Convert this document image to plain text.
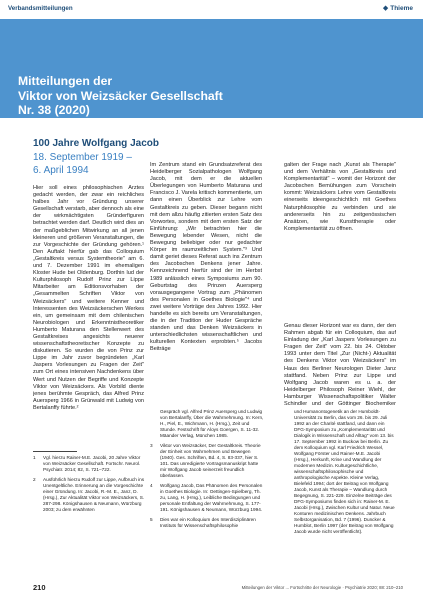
Verbandsmitteilungen	◆ Thieme
Mitteilungen der
Viktor von Weizsäcker Gesellschaft
Nr. 38 (2020)
100 Jahre Wolfgang Jacob
18. September 1919 –
6. April 1994

Hier soll eines philosophischen Arztes gedacht werden, der zwar ein reichliches halbes Jahr vor Gründung unserer Gesellschaft verstarb, aber dennoch als eine der wirkmächtigsten Gründerfiguren betrachtet werden darf. Deutlich wird dies an der maßgeblichen Mitwirkung an all jenen kleineren und größeren Veranstaltungen, die zur Vorgeschichte der Gründung gehören.¹ Den Auftakt hierfür gab das Colloquium „Gestaltkreis versus Systemtheorie" am 6. und 7. Dezember 1991 im ehemaligen Kloster Hude bei Oldenburg. Dorthin lud der Kulturphilosoph Rudolf Prinz zur Lippe Mitarbeiter am Editionsvorhaben der „Gesammelten Schriften Viktor von Weizsäckers" und weitere Kenner und Interessenten des Weizsäckerschen Werkes ein, um gemeinsam mit dem chilenischen Neurobiologen und Erkenntnistheoretiker Humberto Maturana den Stellenwert des Gestaltkreises angesichts neuerer wissenschaftstheoretischer Konzepte zu diskutieren. So wurden die von Prinz zur Lippe im Jahr zuvor begründeten „Karl Jaspers Vorlesungen zu Fragen der Zeit" zum Ort eines intensiven Nachdenkens über Wert und Nutzen der Begriffe und Konzepte Viktor von Weizsäckers. Als Vorbild diente jenes berühmte Gespräch, das Alfred Prinz Auersperg 1966 in Grünwald mit Ludwig von Bertalanffy führte.²

Im Zentrum stand ein Grundsatzreferat des Heidelberger Sozialpathologen Wolfgang Jacob, mit dem er die aktuellen Überlegungen von Humberto Maturana und Francisco J. Varela kritisch kommentierte, um dann einen Überblick zur Lehre vom Gestaltkreis zu geben. Dieser begann nicht mit dem allzu häufig zitierten ersten Satz des Vorwortes, sondern mit dem ersten Satz der Einführung: „Wir betrachten hier die Bewegung lebender Wesen, nicht die Bewegung beliebiger oder nur gedachter Körper im raumzeitlichen System."³ Und damit geriet dieses Referat auch ins Zentrum des Jacobschen Denkens jener Jahre. Kennzeichnend hierfür sind der im Herbst 1989 anlässlich eines Symposiums zum 90. Geburtstag des Prinzen Auersperg vorausgegangene Vortrag zum „Phänomen des Personalen in Goethes Biologie"⁴ und zwei weitere Vorträge des Jahres 1992. Hier handelte es sich bereits um Veranstaltungen, die in der Tradition der Huder Gespräche standen und das Denken Weizsäckers in unterschiedlichsten wissenschaftlichen und kulturellen Kontexten erprobten.⁵ Jacobs Beiträge

galten der Frage nach „Kunst als Therapie" und dem Verhältnis von „Gestaltkreis und Komplementarität" – womit der Horizont der Jacobschen Bemühungen zum Vorschein kommt: Weizsäckers Lehre vom Gestaltkreis einerseits ideengeschichtlich mit Goethes Naturphilosophie zu verbinden und sie andererseits hin zu zeitgenössischen Ansätzen, wie Kunsttherapie oder Komplementarität zu öffnen.

Genau dieser Horizont war es dann, der den Rahmen abgab für ein Colloquium, das auf Einladung der „Karl Jaspers Vorlesungen zu Fragen der Zeit" vom 22. bis 24. Oktober 1993 unter dem Titel „Zur (Nicht-) Aktualität des Denkens Viktor von Weizsäckers" im Haus des Berliner Neurologen Dieter Janz stattfand. Neben Prinz zur Lippe und Wolfgang Jacob waren es u. a. der Heidelberger Philosoph Reiner Wiehl, der Hamburger Wissenschaftspolitiker Walter Schindler und der Göttinger Biochemiker

1	Vgl. hierzu Rainer-M.E. Jacobi, 20 Jahre Viktor von Weizsäcker Gesellschaft. Fortschr. Neurol. Psychiatr. 2014; 82, S. 721–722.
2	Ausführlich hierzu Rudolf zur Lippe, Aufbruch ins Unentgeltliche. Erinnerung an die Vorgeschichte einer Gründung. In: Jacobi, R.-M. E., Janz, D. (Hrsg.), Zur Aktualität Viktor von Weizsäckers, S. 287-298. Königshausen & Neumann, Würzburg 2003; zu dem erwähnten
Gespräch vgl. Alfred Prinz Auersperg und Ludwig von Bertalanffy, Über die Wahrnehmung. In: Kern, H., Piel, E., Wichmann, H. (Hrsg.), Zeit und Stunde. Festschrift für Aloys Goergen, S. 11-32. Mäander Verlag, München 1985.
3	Viktor von Weizsäcker, Der Gestaltkreis. Theorie der Einheit von Wahrnehmen und Bewegen (1940). Ges. Schriften, Bd. 4, S. 83-337, hier S. 101. Das unredigierte Vortragsmanuskript hatte mir Wolfgang Jacob seinerzeit freundlich überlassen.
4	Wolfgang Jacob, Das Phänomen des Personalen in Goethes Biologie. In: Oettingen-Spielberg, Th. zu, Lang, H. (Hrsg.), Leibliche Bedingungen und personale Entfaltung der Wahrnehmung, S. 177-191. Königshausen & Neumann, Würzburg 1994.
5	Dies war ein Kolloquium des Interdisziplinären Instituts für Wissenschaftsphilosophie
und Humanontogenetik an der Humboldt-Universität zu Berlin, das vom 26. bis 29. Juli 1992 an der Charité stattfand, und dann ein DFG-Symposium zu „Komplementarität und Dialogik in Wissenschaft und Alltag" vom 13. bis 17. September 1992 in Buckow bei Berlin. Zu dem Kolloquium vgl. Karl Friedrich Wessel, Wolfgang Förster und Rainer-M.E. Jacobi (Hrsg.), Herkunft, Krise und Wandlung der modernen Medizin. Kulturgeschichtliche, wissenschaftsphilosophische und anthropologische Aspekte. Kleine Verlag, Bielefeld 1994; dort der Beitrag von Wolfgang Jacob, Kunst als Therapie – Wandlung durch Begegnung, S. 221-229. Einzelne Beiträge des DFG-Symposiums finden sich in: Rainer-M. E. Jacobi (Hrsg.), Zwischen Kultur und Natur. Neue Konturen medizinischen Denkens. Jahrbuch Selbstorganisation, Bd. 7 (1996). Duncker & Humblot, Berlin 1997 (der Beitrag von Wolfgang Jacob wurde nicht veröffentlicht).
210	Mitteilungen der Viktor ... Fortschritte der Neurologie · Psychiatrie 2020; 88: 210–210
